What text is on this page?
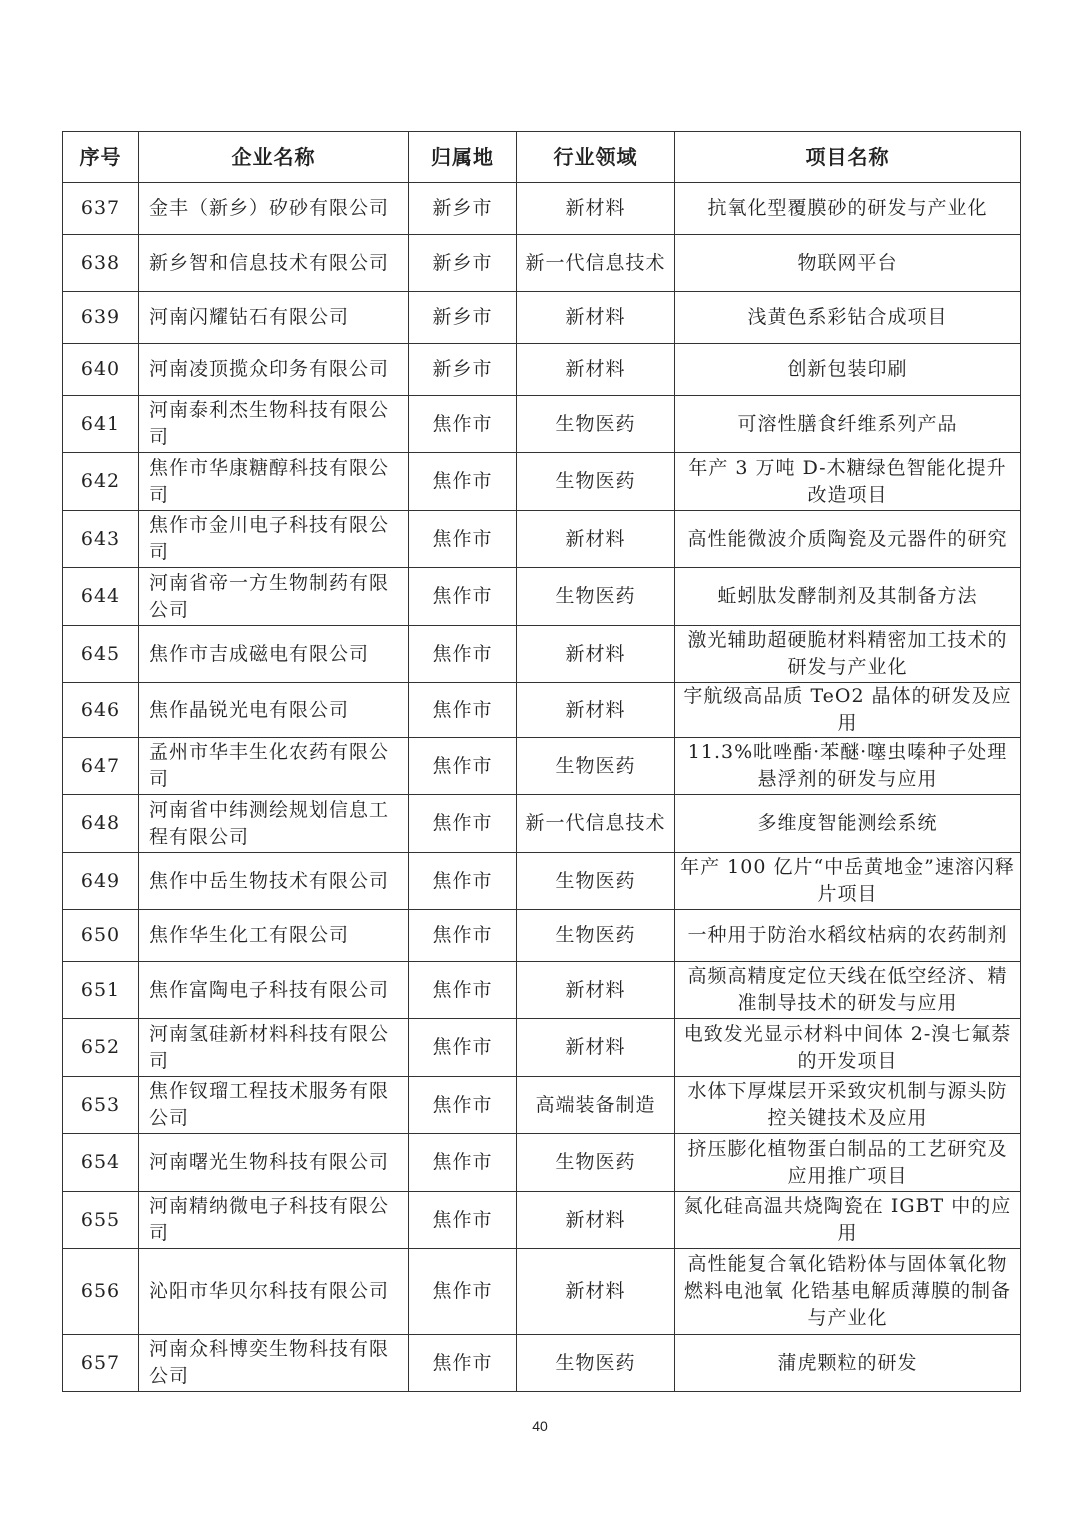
序号	企业名称	归属地	行业领域	项目名称
637	金丰（新乡）矽砂有限公司	新乡市	新材料	抗氧化型覆膜砂的研发与产业化
638	新乡智和信息技术有限公司	新乡市	新一代信息技术	物联网平台
639	河南闪耀钻石有限公司	新乡市	新材料	浅黄色系彩钻合成项目
640	河南凌顶揽众印务有限公司	新乡市	新材料	创新包装印刷
641	河南泰利杰生物科技有限公司	焦作市	生物医药	可溶性膳食纤维系列产品
642	焦作市华康糖醇科技有限公司	焦作市	生物医药	年产 3 万吨 D-木糖绿色智能化提升改造项目
643	焦作市金川电子科技有限公司	焦作市	新材料	高性能微波介质陶瓷及元器件的研究
644	河南省帝一方生物制药有限公司	焦作市	生物医药	蚯蚓肽发酵制剂及其制备方法
645	焦作市吉成磁电有限公司	焦作市	新材料	激光辅助超硬脆材料精密加工技术的研发与产业化
646	焦作晶锐光电有限公司	焦作市	新材料	宇航级高品质 TeO2 晶体的研发及应用
647	孟州市华丰生化农药有限公司	焦作市	生物医药	11.3%吡唑酯·苯醚·噻虫嗪种子处理悬浮剂的研发与应用
648	河南省中纬测绘规划信息工程有限公司	焦作市	新一代信息技术	多维度智能测绘系统
649	焦作中岳生物技术有限公司	焦作市	生物医药	年产 100 亿片“中岳黄地金”速溶闪释片项目
650	焦作华生化工有限公司	焦作市	生物医药	一种用于防治水稻纹枯病的农药制剂
651	焦作富陶电子科技有限公司	焦作市	新材料	高频高精度定位天线在低空经济、精准制导技术的研发与应用
652	河南氢硅新材料科技有限公司	焦作市	新材料	电致发光显示材料中间体 2-溴七氟萘的开发项目
653	焦作钗瑠工程技术服务有限公司	焦作市	高端装备制造	水体下厚煤层开采致灾机制与源头防控关键技术及应用
654	河南曙光生物科技有限公司	焦作市	生物医药	挤压膨化植物蛋白制品的工艺研究及应用推广项目
655	河南精纳微电子科技有限公司	焦作市	新材料	氮化硅高温共烧陶瓷在 IGBT 中的应用
656	沁阳市华贝尔科技有限公司	焦作市	新材料	高性能复合氧化锆粉体与固体氧化物燃料电池氧 化锆基电解质薄膜的制备与产业化
657	河南众科博奕生物科技有限公司	焦作市	生物医药	蒲虎颗粒的研发
40
